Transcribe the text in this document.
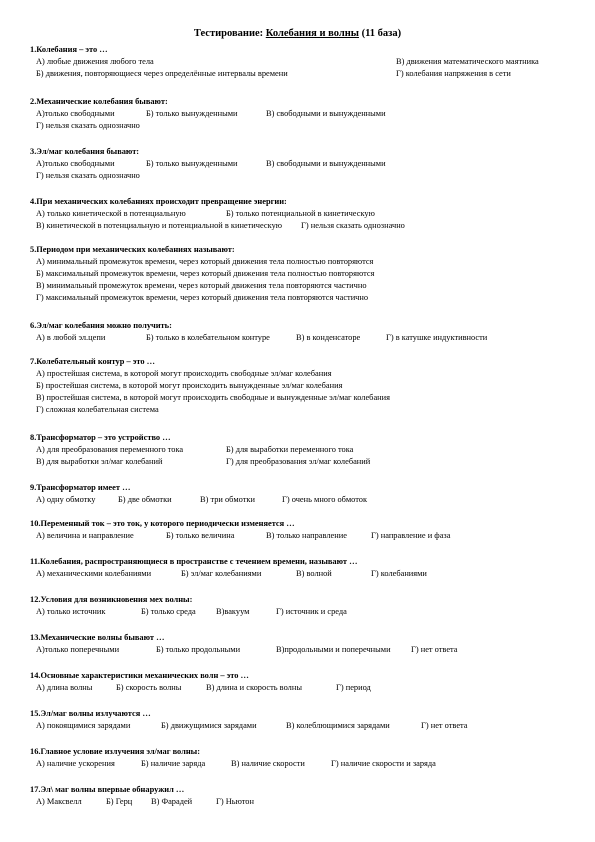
Тестирование: Колебания и волны (11 база)
1.Колебания – это …
А) любые движения любого тела	В) движения математического маятника
Б) движения, повторяющиеся через определённые интервалы времени	Г) колебания напряжения в сети
2.Механические колебания бывают:
А)только свободными	Б) только вынужденными	В) свободными и вынужденными
Г) нельзя сказать однозначно
3.Эл/маг колебания бывают:
А)только свободными	Б) только вынужденными	В) свободными и вынужденными
Г) нельзя сказать однозначно
4.При механических колебаниях происходит превращение энергии:
А) только кинетической в потенциальную	Б) только потенциальной в кинетическую
В) кинетической в потенциальную и потенциальной в кинетическую Г) нельзя сказать однозначно
5.Периодом при механических колебаниях называют:
А) минимальный промежуток времени, через который движения тела полностью повторяются
Б) максимальный промежуток времени, через который движения тела полностью повторяются
В) минимальный промежуток времени, через который движения тела повторяются частично
Г) максимальный промежуток времени, через который движения тела повторяются частично
6.Эл/маг колебания можно получить:
А) в любой эл.цепи	Б) только в колебательном контуре	В) в конденсаторе	Г) в катушке индуктивности
7.Колебательный контур – это …
А) простейшая система, в которой могут происходить свободные эл/маг колебания
Б) простейшая система, в которой могут происходить вынужденные эл/маг колебания
В) простейшая система, в которой могут происходить свободные и вынужденные эл/маг колебания
Г) сложная колебательная система
8.Трансформатор – это устройство …
А) для преобразования переменного тока	Б) для выработки переменного тока
В) для выработки эл/маг колебаний	Г) для преобразования эл/маг колебаний
9.Трансформатор имеет …
А) одну обмотку	Б) две обмотки	В) три обмотки	Г) очень много обмоток
10.Переменный ток – это ток, у которого периодически изменяется …
А) величина и направление	Б) только величина	В) только направление	Г) направление и фаза
11.Колебания, распространяющиеся в пространстве с течением времени, называют …
А) механическими колебаниями	Б) эл/маг колебаниями	В) волной	Г) колебаниями
12.Условия для возникновения мех волны:
А) только источник	Б) только среда В)вакуум	Г) источник и среда
13.Механические волны бывают …
А)только поперечными	Б) только продольными	В)продольными и поперечными Г) нет ответа
14.Основные характеристики механических волн – это …
А) длина волны	Б) скорость волны	В) длина и скорость волны	Г) период
15.Эл/маг волны излучаются …
А) покоящимися зарядами	Б) движущимися зарядами	В) колеблющимися зарядами	Г) нет ответа
16.Главное условие излучения эл/маг волны:
А) наличие ускорения	Б) наличие заряда	В) наличие скорости	Г) наличие скорости и заряда
17.Эл\ маг волны впервые обнаружил …
А) Максвелл	Б) Герц В) Фарадей	Г) Ньютон
